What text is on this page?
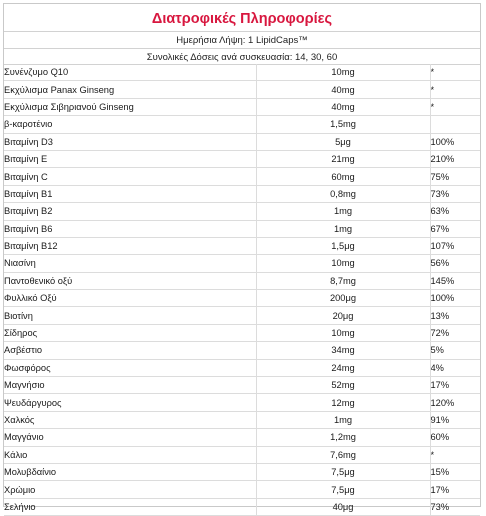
Διατροφικές Πληροφορίες
Ημερήσια Λήψη: 1 LipidCaps™
Συνολικές Δόσεις ανά συσκευασία: 14, 30, 60
Συνένζυμο Q10	10mg	*
Εκχύλισμα Panax Ginseng	40mg	*
Εκχύλισμα Σιβηριανού Ginseng	40mg	*
β-καροτένιο	1,5mg	
Βιταμίνη D3	5μg	100%
Βιταμίνη E	21mg	210%
Βιταμίνη C	60mg	75%
Βιταμίνη B1	0,8mg	73%
Βιταμίνη B2	1mg	63%
Βιταμίνη B6	1mg	67%
Βιταμίνη B12	1,5μg	107%
Νιασίνη	10mg	56%
Παντοθενικό οξύ	8,7mg	145%
Φυλλικό Οξύ	200μg	100%
Βιοτίνη	20μg	13%
Σίδηρος	10mg	72%
Ασβέστιο	34mg	5%
Φωσφόρος	24mg	4%
Μαγνήσιο	52mg	17%
Ψευδάργυρος	12mg	120%
Χαλκός	1mg	91%
Μαγγάνιο	1,2mg	60%
Κάλιο	7,6mg	*
Μολυβδαίνιο	7,5μg	15%
Χρώμιο	7,5μg	17%
Σελήνιο	40μg	73%
